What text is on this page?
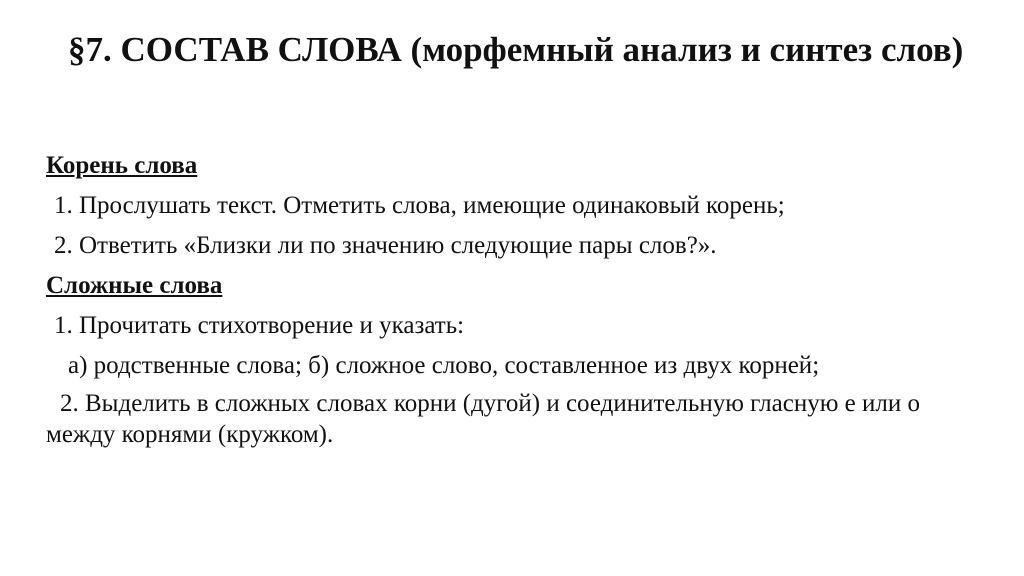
§7. СОСТАВ СЛОВА (морфемный анализ и синтез слов)
Корень слова
1. Прослушать текст. Отметить слова, имеющие одинаковый корень;
2. Ответить «Близки ли по значению следующие пары слов?».
Сложные слова
1. Прочитать стихотворение и указать:
а) родственные слова; б) сложное слово, составленное из двух корней;
2. Выделить в сложных словах корни (дугой) и соединительную гласную е или о между корнями (кружком).
